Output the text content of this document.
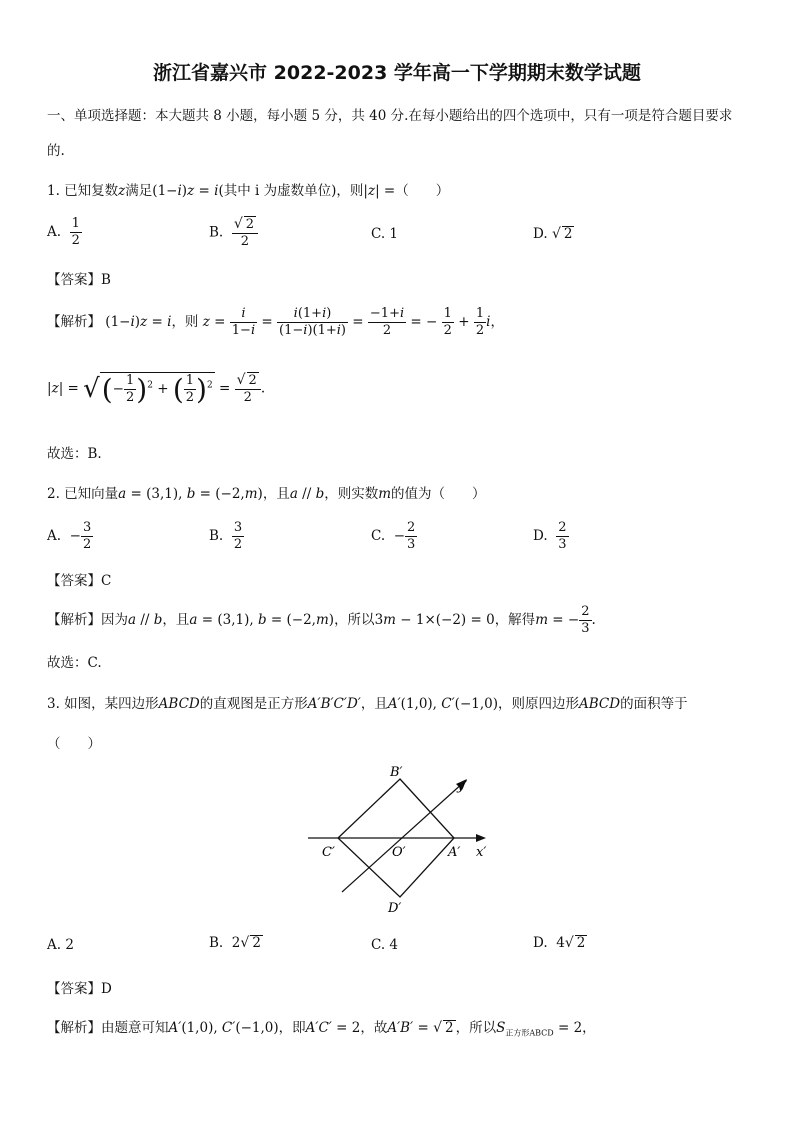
浙江省嘉兴市 2022-2023 学年高一下学期期末数学试题
一、单项选择题：本大题共 8 小题，每小题 5 分，共 40 分.在每小题给出的四个选项中，只有一项是符合题目要求
的.
1. 已知复数z满足(1−i)z = i(其中 i 为虚数单位)，则|z| =（　　）
A. $\frac{1}{2}$	B. $\frac{√ 2}{2}$	C. 1	D. √ 2
【答案】B
【解析】 (1−i)z = i，则 $z = \frac{i}{1-i} = \frac{i(1+i)}{(1-i)(1+i)} = \frac{-1+i}{2}$ = − $\frac{1}{2} + \frac{1}{2}$ i，
|z| = √(− $\frac{1}{2} )^2$ + ( $\frac{1}{2} )^2 = \frac{√ 2}{2}$ .
故选：B.
2. 已知向量a = (3,1), b = (−2,m)，且a // b，则实数m的值为（　　）
A.  − $\frac{3}{2}$	B. $\frac{3}{2}$	C.  − $\frac{2}{3}$	D. $\frac{2}{3}$
【答案】C
【解析】因为a // b，且a = (3,1), b = (−2,m)，所以3m − 1×(−2) = 0，解得m = − $\frac{2}{3}$ .
故选：C.
3. 如图，某四边形ABCD的直观图是正方形A′B′C′D′，且A′(1,0), C′(−1,0)，则原四边形ABCD的面积等于
（　　）
B′
D′
C′	O′	A′ x′
y′
A. 2	B.  2√ 2	C. 4	D.  4√ 2
【答案】D
【解析】由题意可知A′(1,0), C′(−1,0)，即A′C′ = 2，故A′B′ = √ 2 ，所以$S_{正方形ABCD} = 2$，
